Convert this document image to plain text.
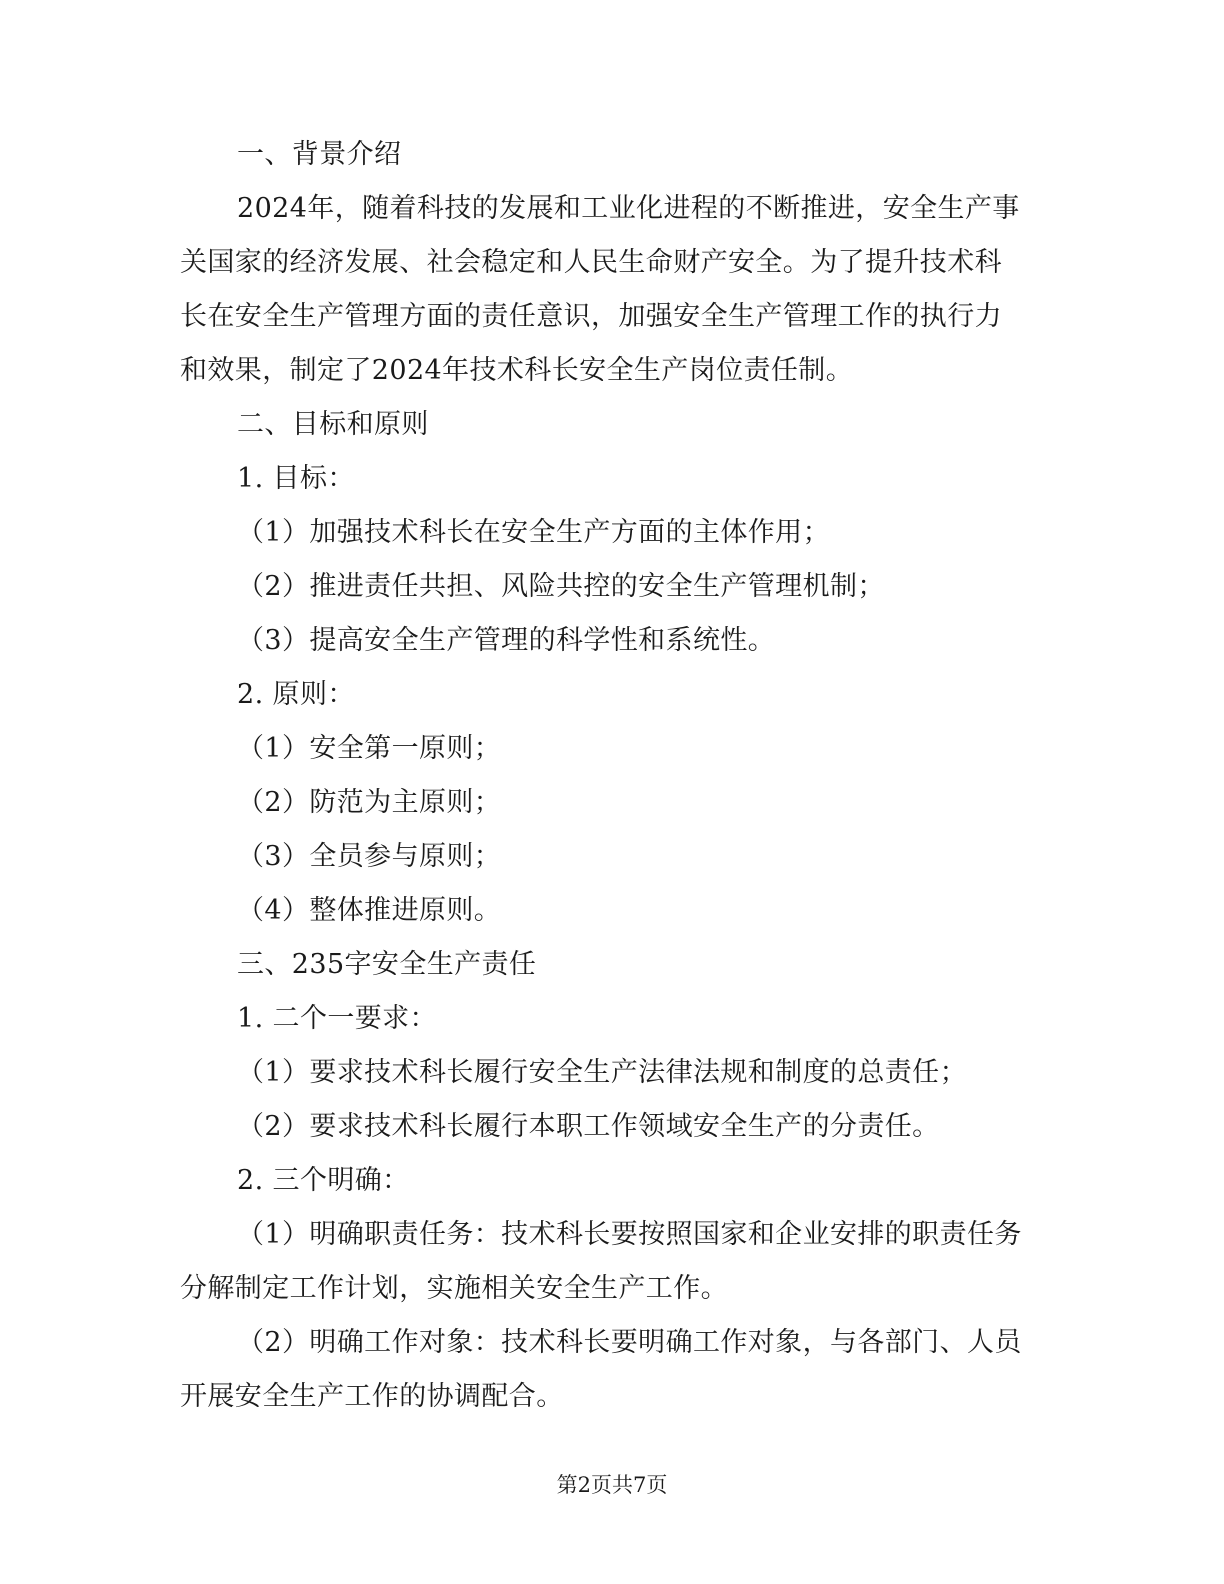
一、背景介绍
2024年，随着科技的发展和工业化进程的不断推进，安全生产事
关国家的经济发展、社会稳定和人民生命财产安全。为了提升技术科
长在安全生产管理方面的责任意识，加强安全生产管理工作的执行力
和效果，制定了2024年技术科长安全生产岗位责任制。
二、目标和原则
1. 目标：
（1）加强技术科长在安全生产方面的主体作用；
（2）推进责任共担、风险共控的安全生产管理机制；
（3）提高安全生产管理的科学性和系统性。
2. 原则：
（1）安全第一原则；
（2）防范为主原则；
（3）全员参与原则；
（4）整体推进原则。
三、235字安全生产责任
1. 二个一要求：
（1）要求技术科长履行安全生产法律法规和制度的总责任；
（2）要求技术科长履行本职工作领域安全生产的分责任。
2. 三个明确：
（1）明确职责任务：技术科长要按照国家和企业安排的职责任务
分解制定工作计划，实施相关安全生产工作。
（2）明确工作对象：技术科长要明确工作对象，与各部门、人员
开展安全生产工作的协调配合。
第2页共7页
